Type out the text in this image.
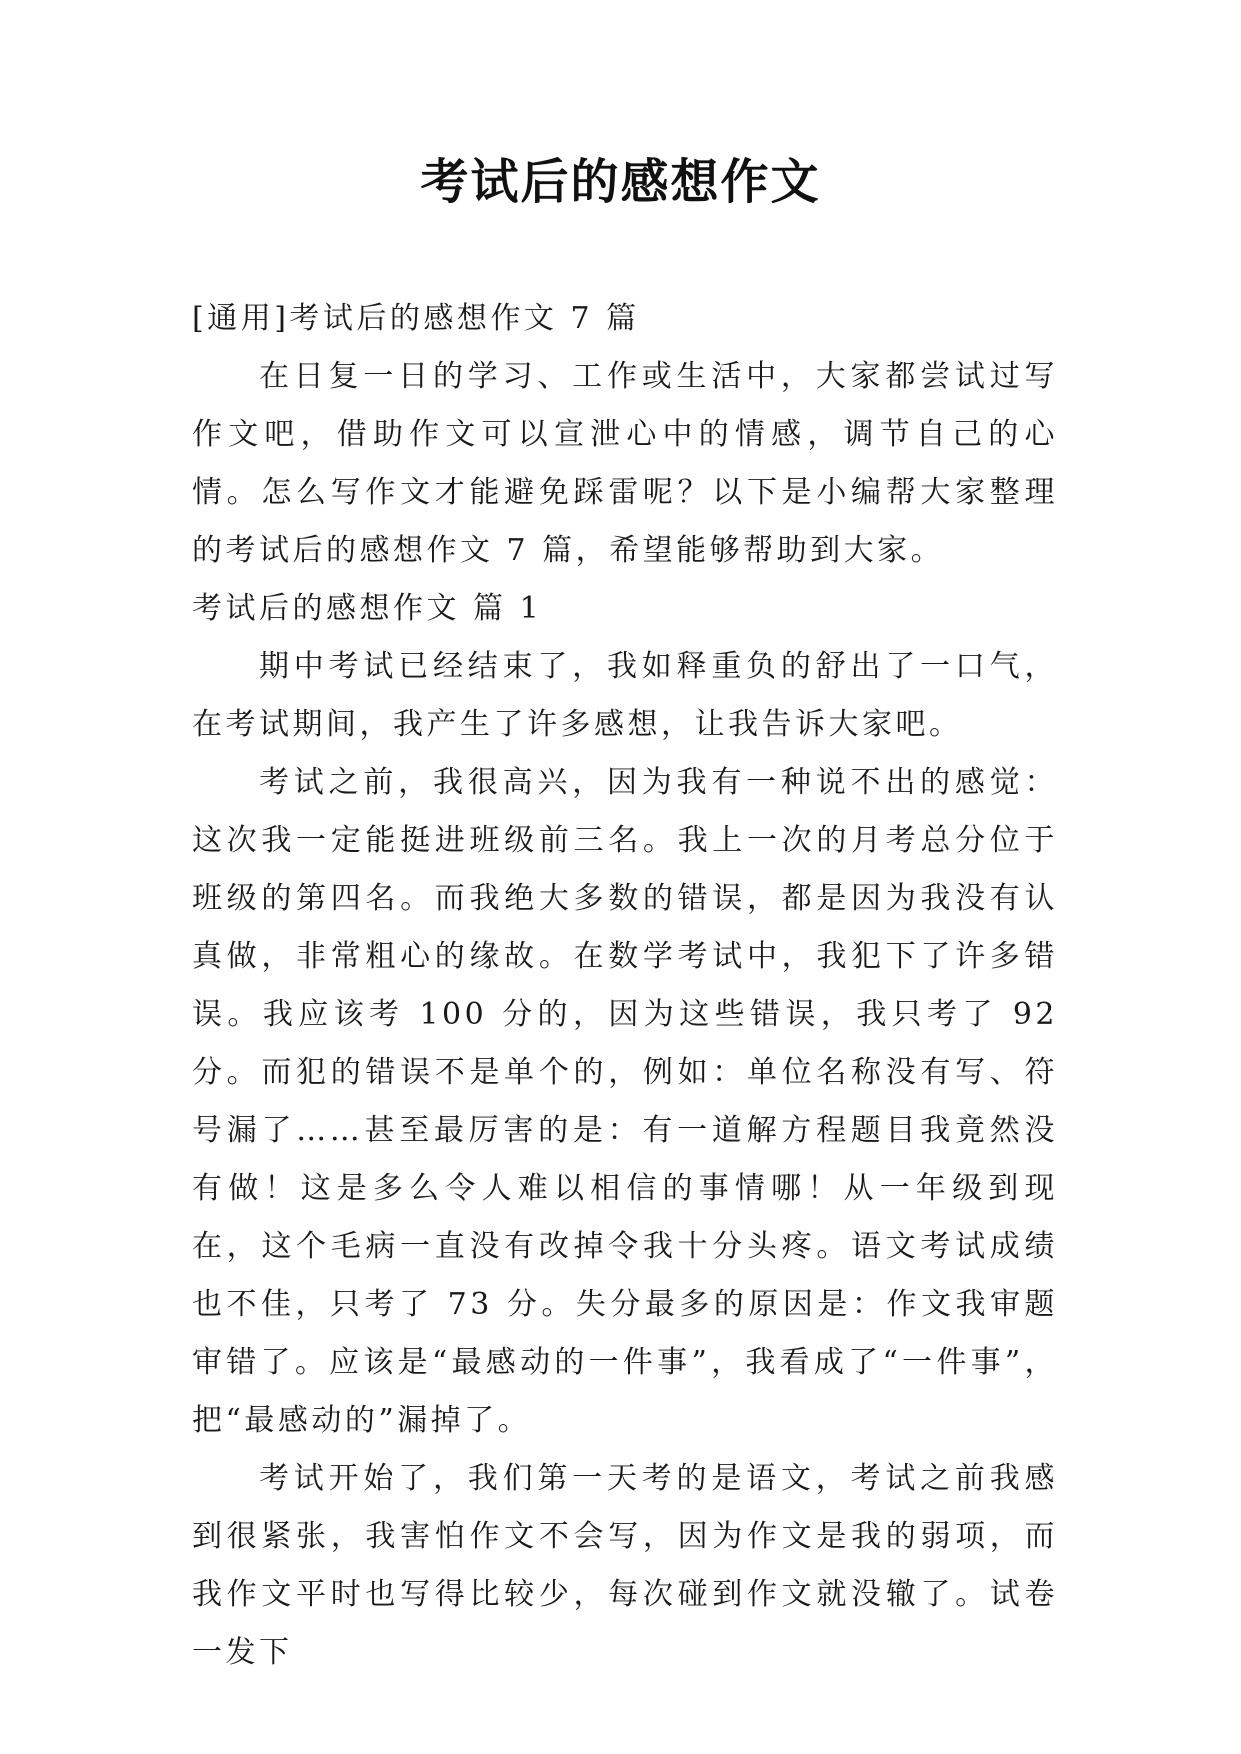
考试后的感想作文

[通用]考试后的感想作文 7 篇

在日复一日的学习、工作或生活中，大家都尝试过写作文吧，借助作文可以宣泄心中的情感，调节自己的心情。怎么写作文才能避免踩雷呢？以下是小编帮大家整理的考试后的感想作文 7 篇，希望能够帮助到大家。

考试后的感想作文 篇 1

期中考试已经结束了，我如释重负的舒出了一口气，在考试期间，我产生了许多感想，让我告诉大家吧。

考试之前，我很高兴，因为我有一种说不出的感觉：这次我一定能挺进班级前三名。我上一次的月考总分位于班级的第四名。而我绝大多数的错误，都是因为我没有认真做，非常粗心的缘故。在数学考试中，我犯下了许多错误。我应该考 100 分的，因为这些错误，我只考了 92 分。而犯的错误不是单个的，例如：单位名称没有写、符号漏了……甚至最厉害的是：有一道解方程题目我竟然没有做！这是多么令人难以相信的事情哪！从一年级到现在，这个毛病一直没有改掉令我十分头疼。语文考试成绩也不佳，只考了 73 分。失分最多的原因是：作文我审题审错了。应该是“最感动的一件事”，我看成了“一件事”，把“最感动的”漏掉了。

考试开始了，我们第一天考的是语文，考试之前我感到很紧张，我害怕作文不会写，因为作文是我的弱项，而我作文平时也写得比较少，每次碰到作文就没辙了。试卷一发下
